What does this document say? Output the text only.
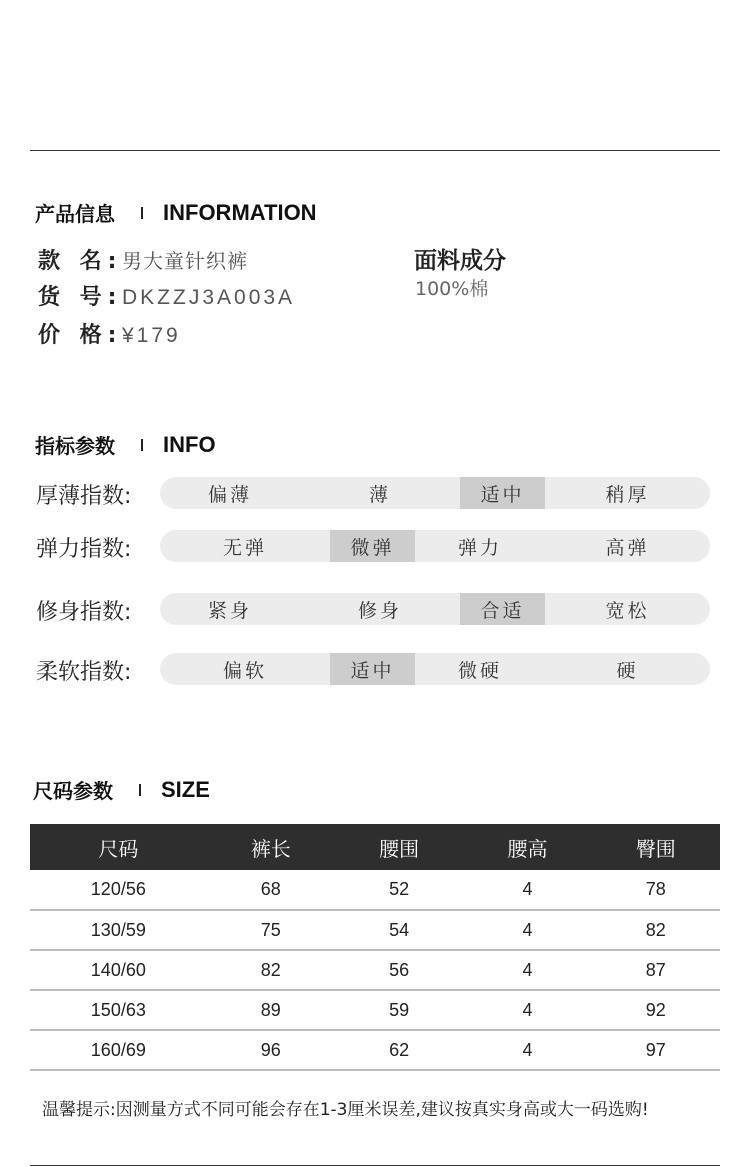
产品信息 INFORMATION
款 名: 男大童针织裤
货 号: DKZZJ3A003A
价 格: ¥179
面料成分
100%棉
指标参数 INFO
厚薄指数:	偏薄	薄	适中	稍厚
弹力指数:	无弹	微弹	弹力	高弹
修身指数:	紧身	修身	合适	宽松
柔软指数:	偏软	适中	微硬	硬
尺码参数 SIZE
尺码	裤长	腰围	腰高	臀围
120/56	68	52	4	78
130/59	75	54	4	82
140/60	82	56	4	87
150/63	89	59	4	92
160/69	96	62	4	97
温馨提示:因测量方式不同可能会存在1-3厘米误差,建议按真实身高或大一码选购!
